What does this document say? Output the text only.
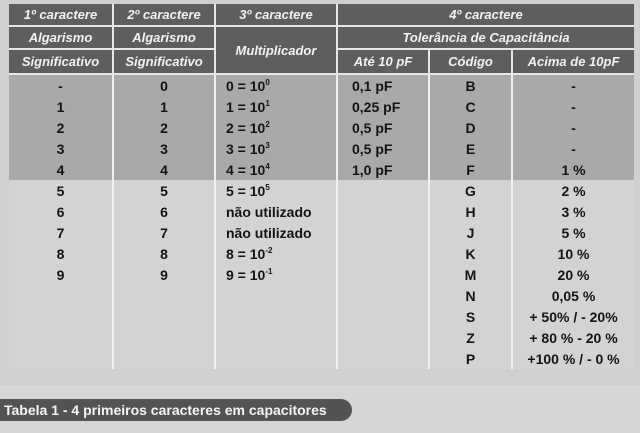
1º caractere	2º caractere	3º caractere	4º caractere		
Algarismo	Algarismo	Multiplicador	Tolerância de Capacitância		
Significativo	Significativo		Até 10 pF	Código	Acima de 10pF
-	0	$0 = 10^0$	0,1 pF	B	-
1	1	$1 = 10^1$	0,25 pF	C	-
2	2	$2 = 10^2$	0,5 pF	D	-
3	3	$3 = 10^3$	0,5 pF	E	-
4	4	$4 = 10^4$	1,0 pF	F	1 %
5	5	$5 = 10^5$		G	2 %
6	6	não utilizado		H	3 %
7	7	não utilizado		J	5 %
8	8	$8 = 10^{-2}$		K	10 %
9	9	$9 = 10^{-1}$		M	20 %
				N	0,05 %
				S	+ 50% / - 20%
				Z	+ 80 % - 20 %
				P	+100 % / - 0 %
Tabela 1 - 4 primeiros caracteres em capacitores
